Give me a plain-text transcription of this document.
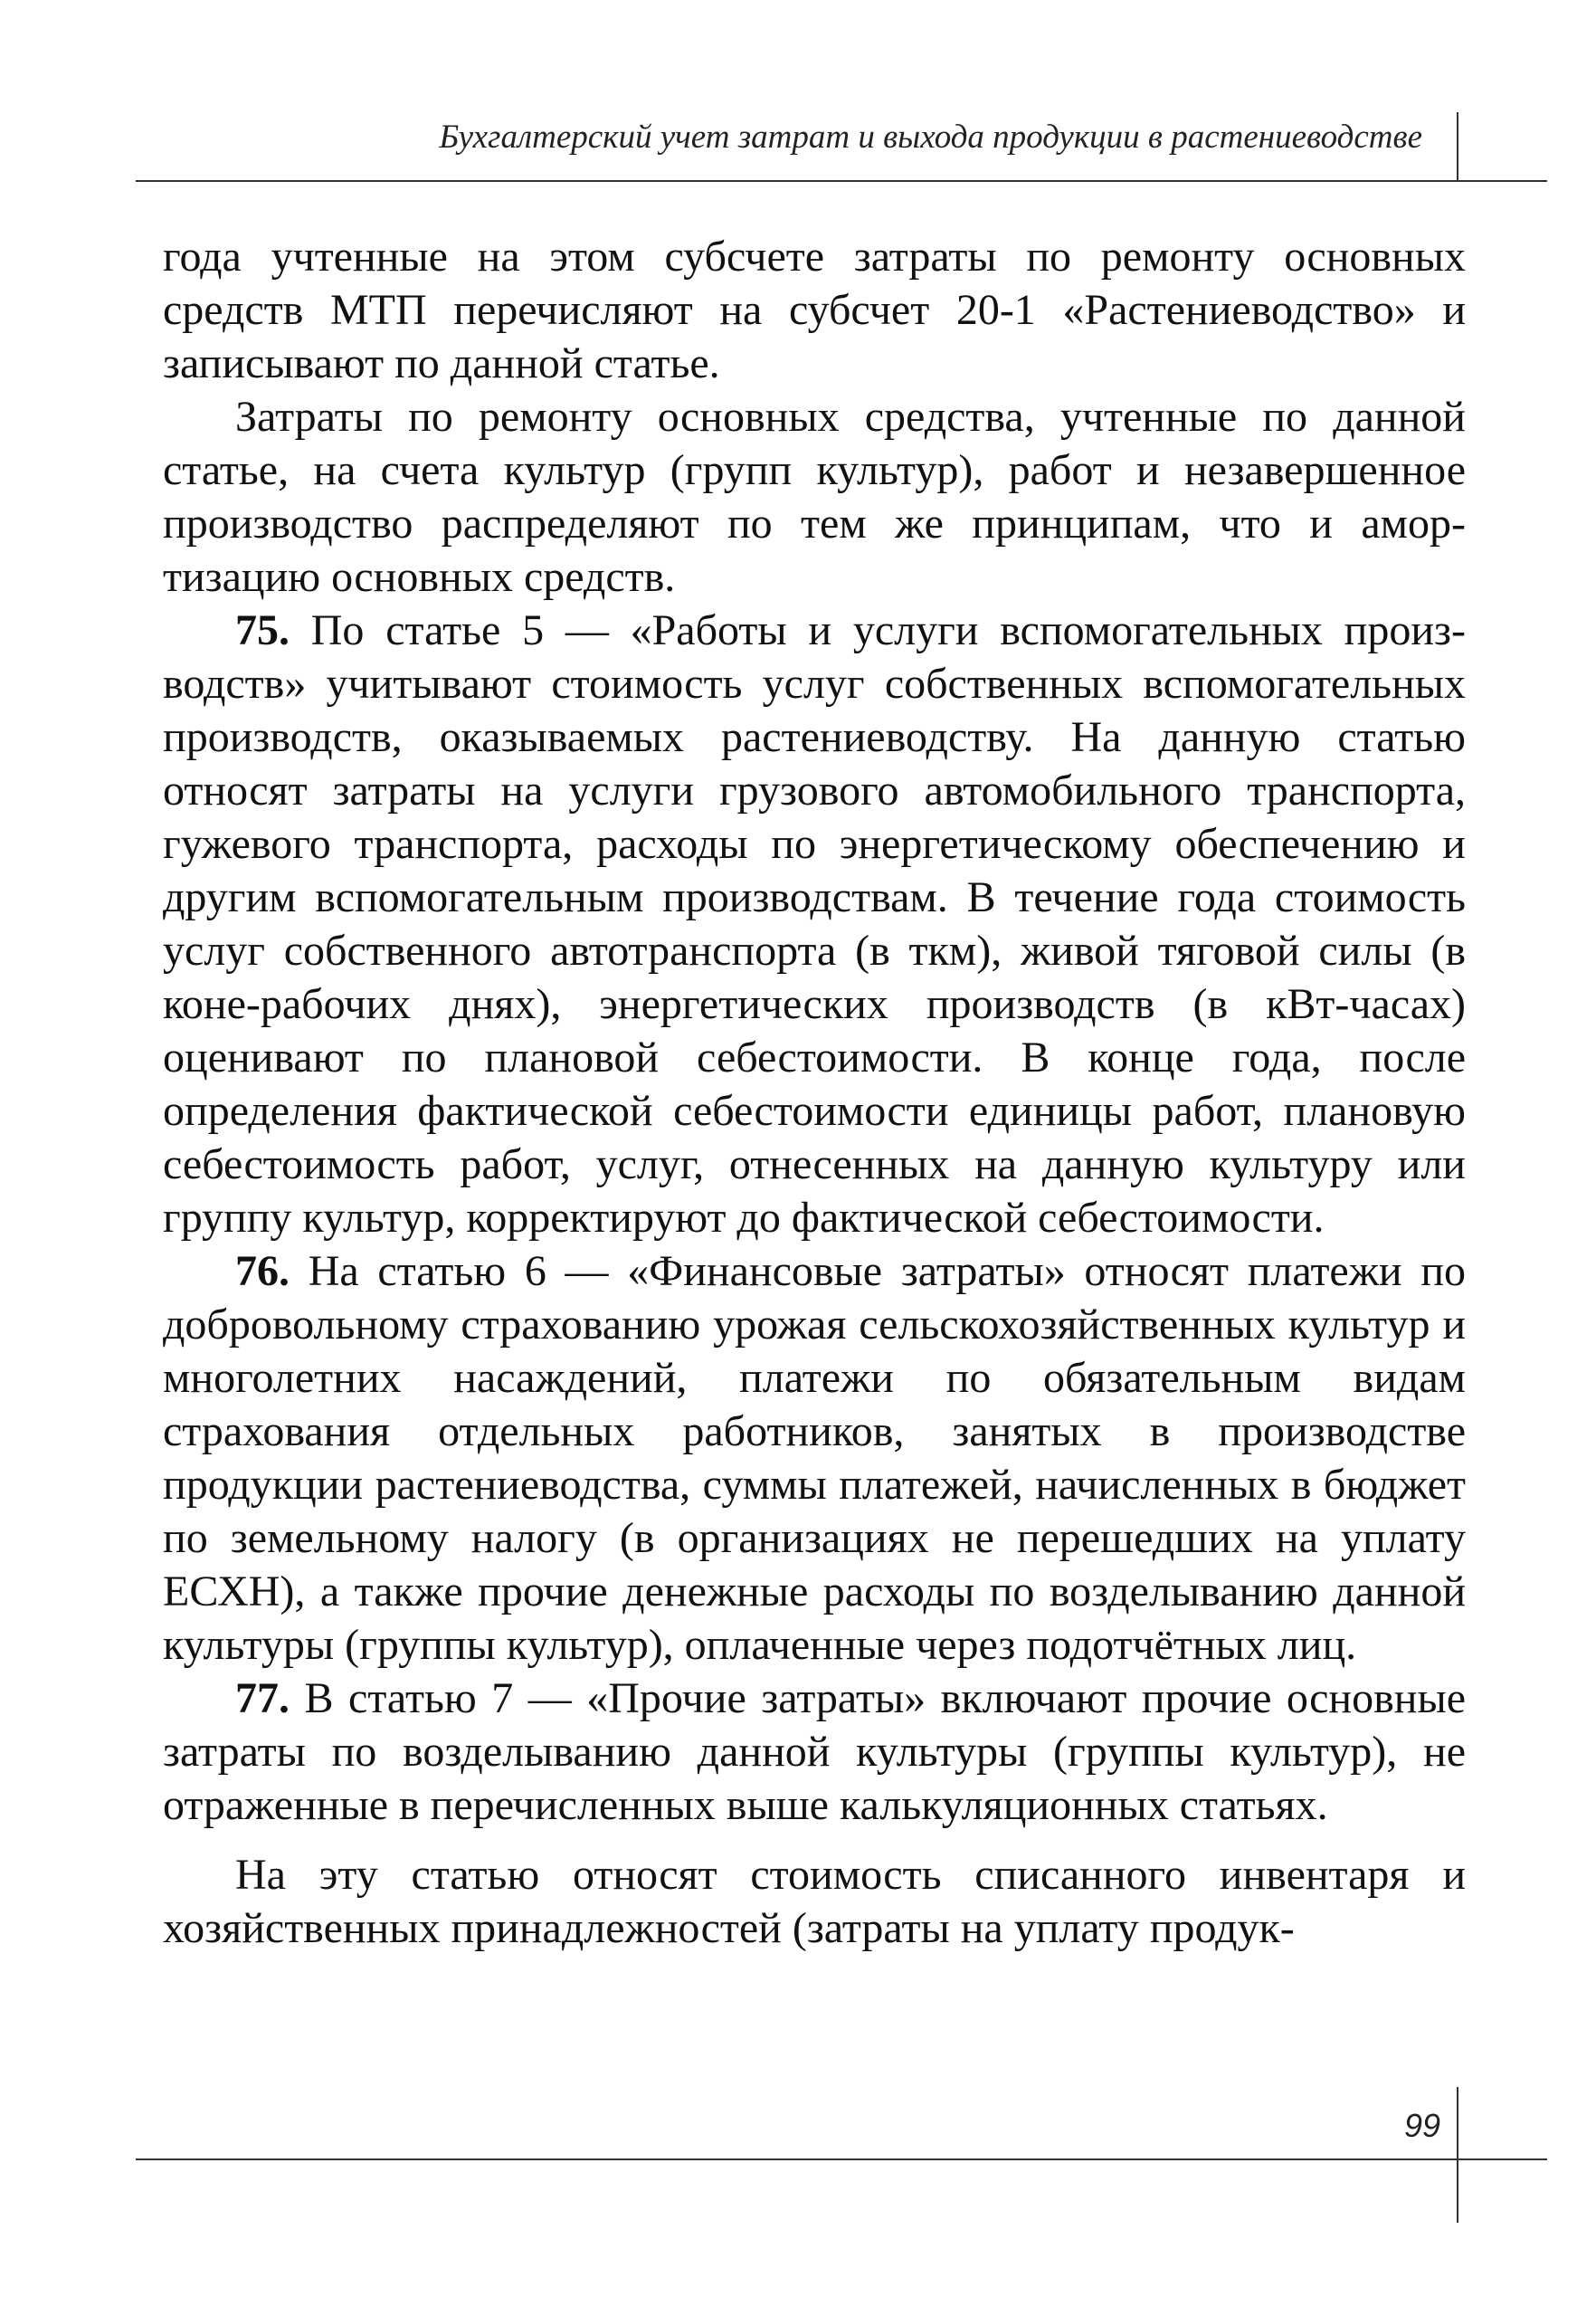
Бухгалтерский учет затрат и выхода продукции в растениеводстве

года учтенные на этом субсчете затраты по ремонту основных средств МТП перечисляют на субсчет 20-1 «Растениеводство» и записывают по данной статье.

Затраты по ремонту основных средства, учтенные по данной статье, на счета культур (групп культур), работ и незавершенное производство распределяют по тем же принципам, что и амортизацию основных средств.

75. По статье 5 — «Работы и услуги вспомогательных производств» учитывают стоимость услуг собственных вспомогательных производств, оказываемых растениеводству. На данную статью относят затраты на услуги грузового автомобильного транспорта, гужевого транспорта, расходы по энергетическому обеспечению и другим вспомогательным производствам. В течение года стоимость услуг собственного автотранспорта (в ткм), живой тяговой силы (в коне-рабочих днях), энергетических производств (в кВт-часах) оценивают по плановой себестоимости. В конце года, после определения фактической себестоимости единицы работ, плановую себестоимость работ, услуг, отнесенных на данную культуру или группу культур, корректируют до фактической себестоимости.

76. На статью 6 — «Финансовые затраты» относят платежи по добровольному страхованию урожая сельскохозяйственных культур и многолетних насаждений, платежи по обязательным видам страхования отдельных работников, занятых в производстве продукции растениеводства, суммы платежей, начисленных в бюджет по земельному налогу (в организациях не перешедших на уплату ЕСХН), а также прочие денежные расходы по возделыванию данной культуры (группы культур), оплаченные через подотчётных лиц.

77. В статью 7 — «Прочие затраты» включают прочие основные затраты по возделыванию данной культуры (группы культур), не отраженные в перечисленных выше калькуляционных статьях.

На эту статью относят стоимость списанного инвентаря и хозяйственных принадлежностей (затраты на уплату продук-

99
